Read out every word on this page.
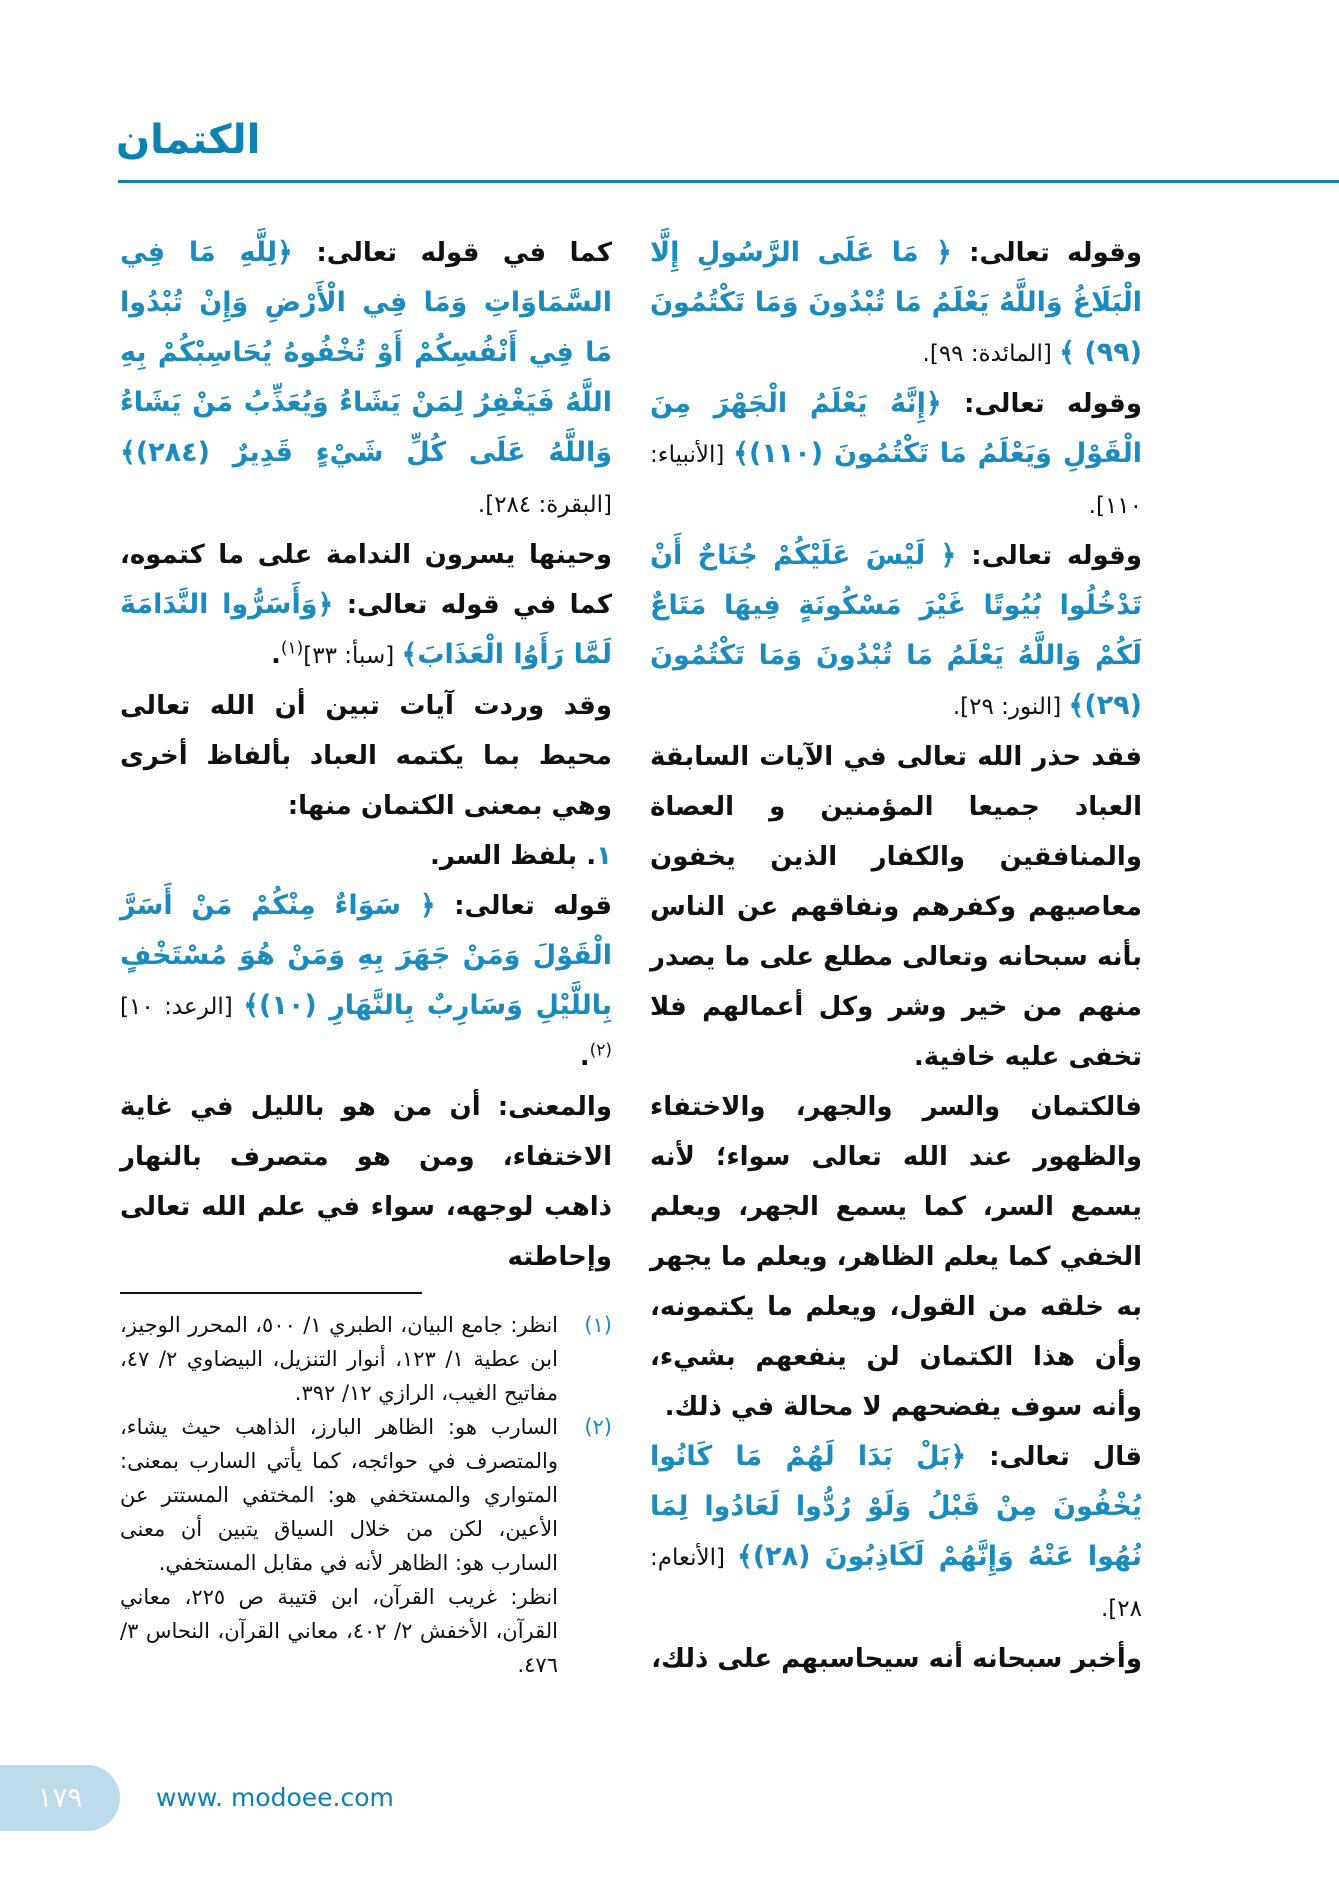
الكتمان

كما في قوله تعالى: ﴿لِلَّهِ مَا فِي السَّمَاوَاتِ وَمَا فِي الْأَرْضِ وَإِنْ تُبْدُوا مَا فِي أَنْفُسِكُمْ أَوْ تُخْفُوهُ يُحَاسِبْكُمْ بِهِ اللَّهُ فَيَغْفِرُ لِمَنْ يَشَاءُ وَيُعَذِّبُ مَنْ يَشَاءُ وَاللَّهُ عَلَى كُلِّ شَيْءٍ قَدِيرٌ (٢٨٤)﴾ [البقرة: ٢٨٤].

وحينها يسرون الندامة على ما كتموه، كما في قوله تعالى: ﴿وَأَسَرُّوا النَّدَامَةَ لَمَّا رَأَوُا الْعَذَابَ﴾ [سبأ: ٣٣]$^{(١)}$.

وقد وردت آيات تبين أن الله تعالى محيط بما يكتمه العباد بألفاظ أخرى وهي بمعنى الكتمان منها:

١. بلفظ السر.

قوله تعالى: ﴿ سَوَاءٌ مِنْكُمْ مَنْ أَسَرَّ الْقَوْلَ وَمَنْ جَهَرَ بِهِ وَمَنْ هُوَ مُسْتَخْفٍ بِاللَّيْلِ وَسَارِبٌ بِالنَّهَارِ (١٠)﴾ [الرعد: ١٠]$^{(٢)}$.

والمعنى: أن من هو بالليل في غاية الاختفاء، ومن هو متصرف بالنهار ذاهب لوجهه، سواء في علم الله تعالى وإحاطته

(١)
انظر: جامع البيان، الطبري ١/ ٥٠٠، المحرر الوجيز، ابن عطية ١/ ١٢٣، أنوار التنزيل، البيضاوي ٢/ ٤٧، مفاتيح الغيب، الرازي ١٢/ ٣٩٢.
(٢)
السارب هو: الظاهر البارز، الذاهب حيث يشاء، والمتصرف في حوائجه، كما يأتي السارب بمعنى: المتواري والمستخفي هو: المختفي المستتر عن الأعين، لكن من خلال السياق يتبين أن معنى السارب هو: الظاهر لأنه في مقابل المستخفي.
انظر: غريب القرآن، ابن قتيبة ص ٢٢٥، معاني القرآن، الأخفش ٢/ ٤٠٢، معاني القرآن، النحاس ٣/ ٤٧٦.

وقوله تعالى: ﴿ مَا عَلَى الرَّسُولِ إِلَّا الْبَلَاغُ وَاللَّهُ يَعْلَمُ مَا تُبْدُونَ وَمَا تَكْتُمُونَ (٩٩) ﴾ [المائدة: ٩٩].

وقوله تعالى: ﴿إِنَّهُ يَعْلَمُ الْجَهْرَ مِنَ الْقَوْلِ وَيَعْلَمُ مَا تَكْتُمُونَ (١١٠)﴾ [الأنبياء: ١١٠].

وقوله تعالى: ﴿ لَيْسَ عَلَيْكُمْ جُنَاحٌ أَنْ تَدْخُلُوا بُيُوتًا غَيْرَ مَسْكُونَةٍ فِيهَا مَتَاعٌ لَكُمْ وَاللَّهُ يَعْلَمُ مَا تُبْدُونَ وَمَا تَكْتُمُونَ (٢٩)﴾ [النور: ٢٩].

فقد حذر الله تعالى في الآيات السابقة العباد جميعا المؤمنين و العصاة والمنافقين والكفار الذين يخفون معاصيهم وكفرهم ونفاقهم عن الناس بأنه سبحانه وتعالى مطلع على ما يصدر منهم من خير وشر وكل أعمالهم فلا تخفى عليه خافية.

فالكتمان والسر والجهر، والاختفاء والظهور عند الله تعالى سواء؛ لأنه يسمع السر، كما يسمع الجهر، ويعلم الخفي كما يعلم الظاهر، ويعلم ما يجهر به خلقه من القول، ويعلم ما يكتمونه، وأن هذا الكتمان لن ينفعهم بشيء، وأنه سوف يفضحهم لا محالة في ذلك.

قال تعالى: ﴿بَلْ بَدَا لَهُمْ مَا كَانُوا يُخْفُونَ مِنْ قَبْلُ وَلَوْ رُدُّوا لَعَادُوا لِمَا نُهُوا عَنْهُ وَإِنَّهُمْ لَكَاذِبُونَ (٢٨)﴾ [الأنعام: ٢٨].

وأخبر سبحانه أنه سيحاسبهم على ذلك،

١٧٩	www. modoee.com
